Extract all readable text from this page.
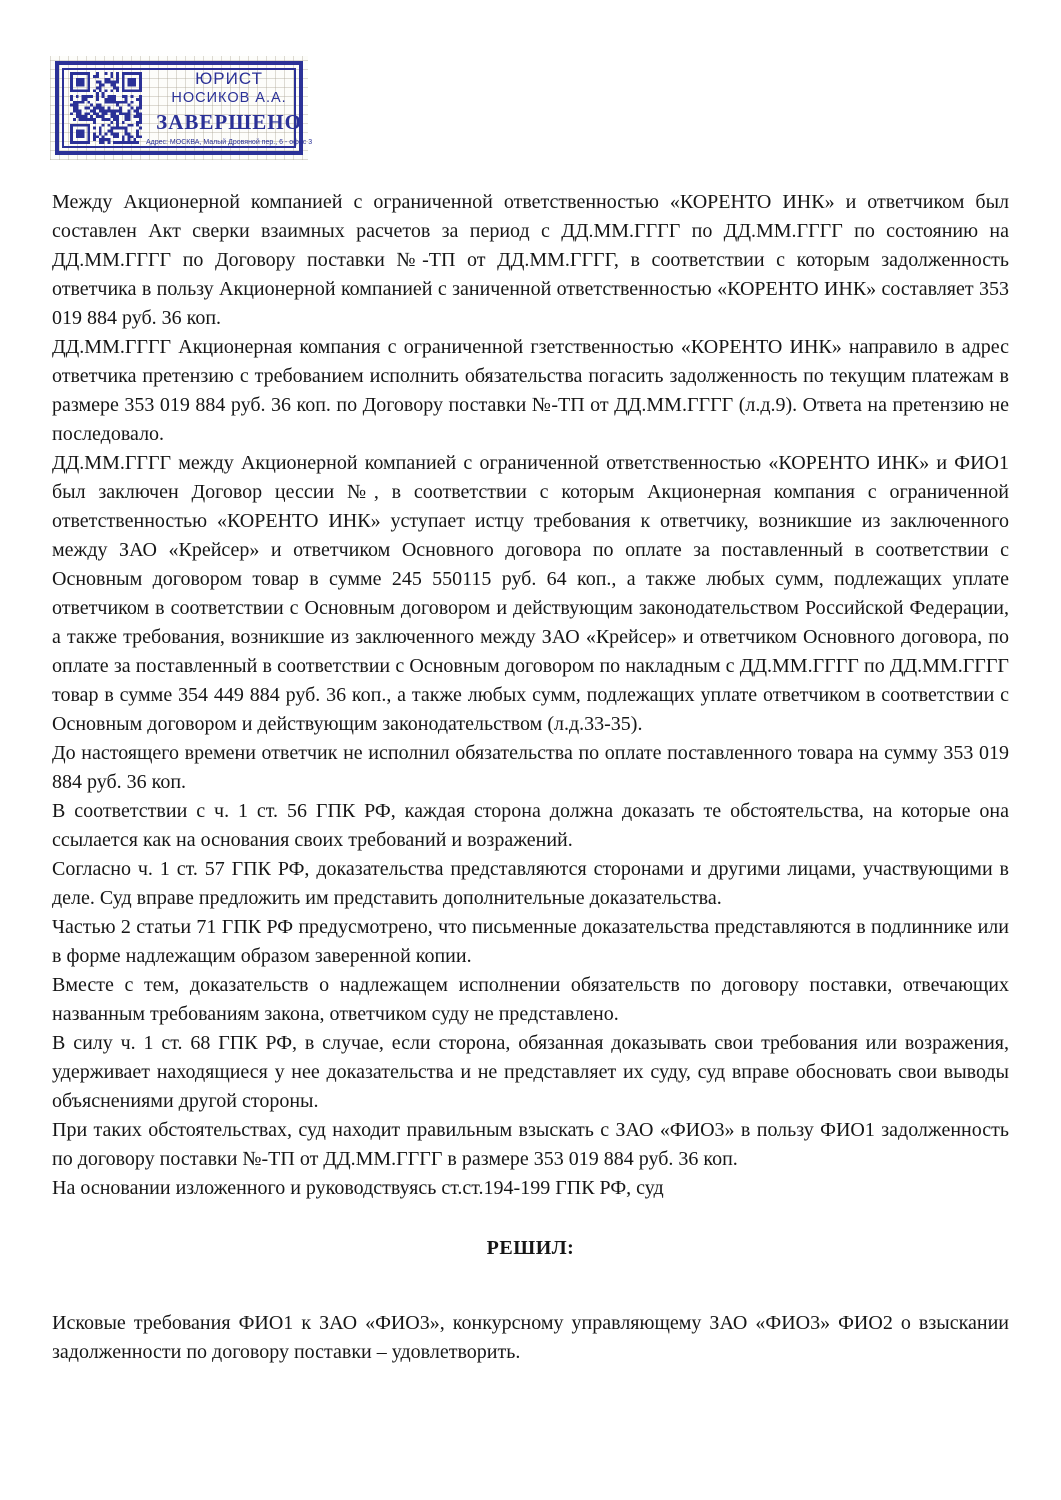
ЮРИСТ
НОСИКОВ А.А.
ЗАВЕРШЕНО
Адрес: МОСКВА, Малый Дровяной пер., 6 - офис 3

Между Акционерной компанией с ограниченной ответственностью «КОРЕНТО ИНК» и ответчиком был составлен Акт сверки взаимных расчетов за период с ДД.ММ.ГГГГ по ДД.ММ.ГГГГ по состоянию на ДД.ММ.ГГГГ по Договору поставки №-ТП от ДД.ММ.ГГГГ, в соответствии с которым задолженность ответчика в пользу Акционерной компанией с заниченной ответственностью «КОРЕНТО ИНК» составляет 353 019 884 руб. 36 коп.

ДД.ММ.ГГГГ Акционерная компания с ограниченной гзетственностью «КОРЕНТО ИНК» направило в адрес ответчика претензию с требованием исполнить обязательства погасить задолженность по текущим платежам в размере 353 019 884 руб. 36 коп. по Договору поставки №-ТП от ДД.ММ.ГГГГ (л.д.9). Ответа на претензию не последовало.

ДД.ММ.ГГГГ между Акционерной компанией с ограниченной ответственностью «КОРЕНТО ИНК» и ФИО1 был заключен Договор цессии №, в соответствии с которым Акционерная компания с ограниченной ответственностью «КОРЕНТО ИНК» уступает истцу требования к ответчику, возникшие из заключенного между ЗАО «Крейсер» и ответчиком Основного договора по оплате за поставленный в соответствии с Основным договором товар в сумме 245 550115 руб. 64 коп., а также любых сумм, подлежащих уплате ответчиком в соответствии с Основным договором и действующим законодательством Российской Федерации, а также требования, возникшие из заключенного между ЗАО «Крейсер» и ответчиком Основного договора, по оплате за поставленный в соответствии с Основным договором по накладным с ДД.ММ.ГГГГ по ДД.ММ.ГГГГ товар в сумме 354 449 884 руб. 36 коп., а также любых сумм, подлежащих уплате ответчиком в соответствии с Основным договором и действующим законодательством (л.д.33-35).

До настоящего времени ответчик не исполнил обязательства по оплате поставленного товара на сумму 353 019 884 руб. 36 коп.

В соответствии с ч. 1 ст. 56 ГПК РФ, каждая сторона должна доказать те обстоятельства, на которые она ссылается как на основания своих требований и возражений.

Согласно ч. 1 ст. 57 ГПК РФ, доказательства представляются сторонами и другими лицами, участвующими в деле. Суд вправе предложить им представить дополнительные доказательства.

Частью 2 статьи 71 ГПК РФ предусмотрено, что письменные доказательства представляются в подлиннике или в форме надлежащим образом заверенной копии.

Вместе с тем, доказательств о надлежащем исполнении обязательств по договору поставки, отвечающих названным требованиям закона, ответчиком суду не представлено.

В силу ч. 1 ст. 68 ГПК РФ, в случае, если сторона, обязанная доказывать свои требования или возражения, удерживает находящиеся у нее доказательства и не представляет их суду, суд вправе обосновать свои выводы объяснениями другой стороны.

При таких обстоятельствах, суд находит правильным взыскать с ЗАО «ФИО3» в пользу ФИО1 задолженность по договору поставки №-ТП от ДД.ММ.ГГГГ в размере 353 019 884 руб. 36 коп.

На основании изложенного и руководствуясь ст.ст.194-199 ГПК РФ, суд

РЕШИЛ:

Исковые требования ФИО1 к ЗАО «ФИО3», конкурсному управляющему ЗАО «ФИО3» ФИО2 о взыскании задолженности по договору поставки – удовлетворить.
